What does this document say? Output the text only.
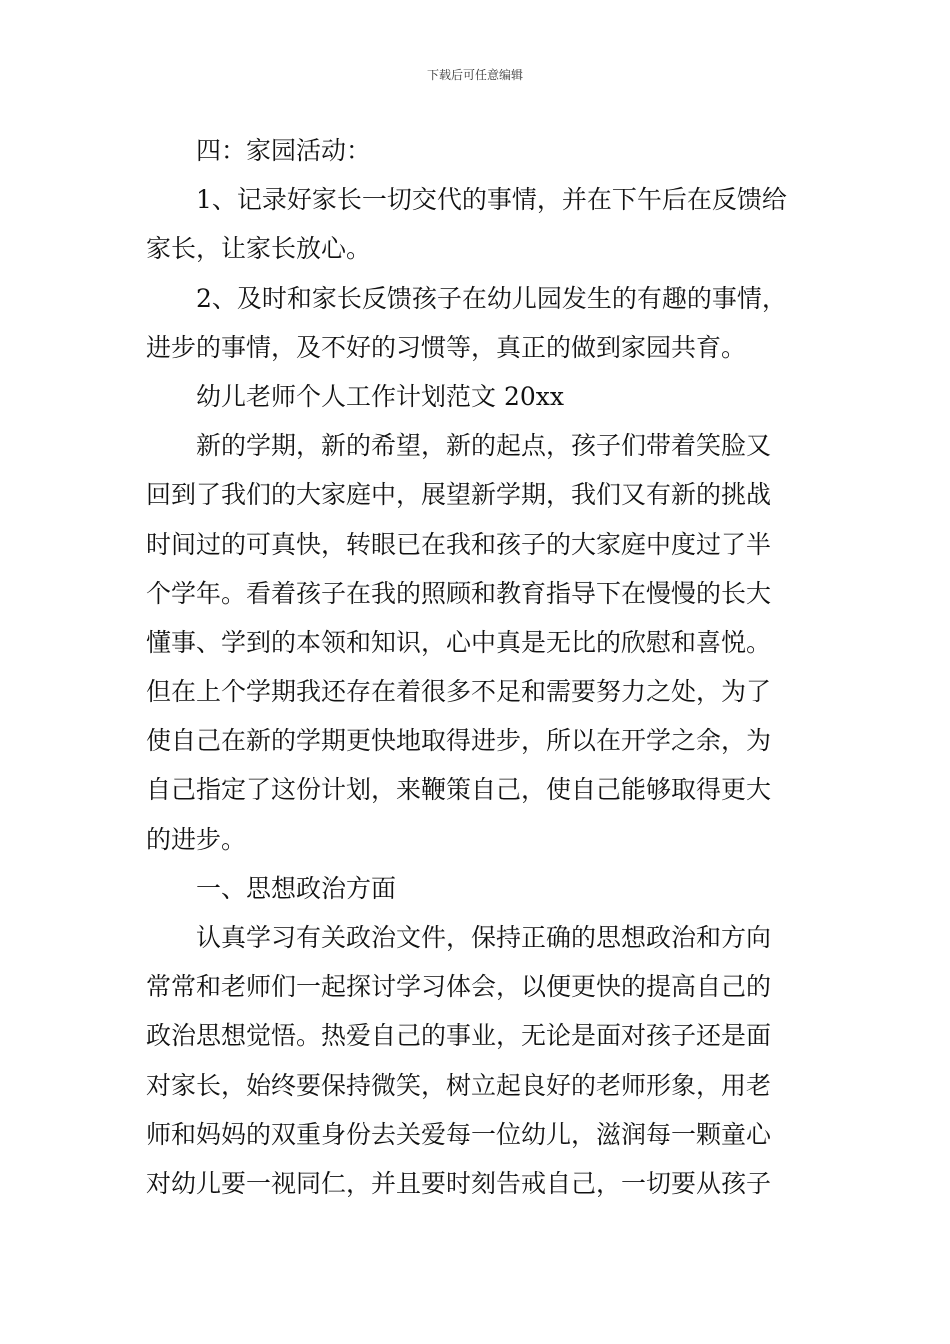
下载后可任意编辑
四：家园活动：
1、记录好家长一切交代的事情，并在下午后在反馈给
家长，让家长放心。
2、及时和家长反馈孩子在幼儿园发生的有趣的事情，
进步的事情，及不好的习惯等，真正的做到家园共育。
幼儿老师个人工作计划范文 20xx
新的学期，新的希望，新的起点，孩子们带着笑脸又
回到了我们的大家庭中，展望新学期，我们又有新的挑战
时间过的可真快，转眼已在我和孩子的大家庭中度过了半
个学年。看着孩子在我的照顾和教育指导下在慢慢的长大
懂事、学到的本领和知识，心中真是无比的欣慰和喜悦。
但在上个学期我还存在着很多不足和需要努力之处，为了
使自己在新的学期更快地取得进步，所以在开学之余，为
自己指定了这份计划，来鞭策自己，使自己能够取得更大
的进步。
一、思想政治方面
认真学习有关政治文件，保持正确的思想政治和方向
常常和老师们一起探讨学习体会，以便更快的提高自己的
政治思想觉悟。热爱自己的事业，无论是面对孩子还是面
对家长，始终要保持微笑，树立起良好的老师形象，用老
师和妈妈的双重身份去关爱每一位幼儿，滋润每一颗童心
对幼儿要一视同仁，并且要时刻告戒自己，一切要从孩子
